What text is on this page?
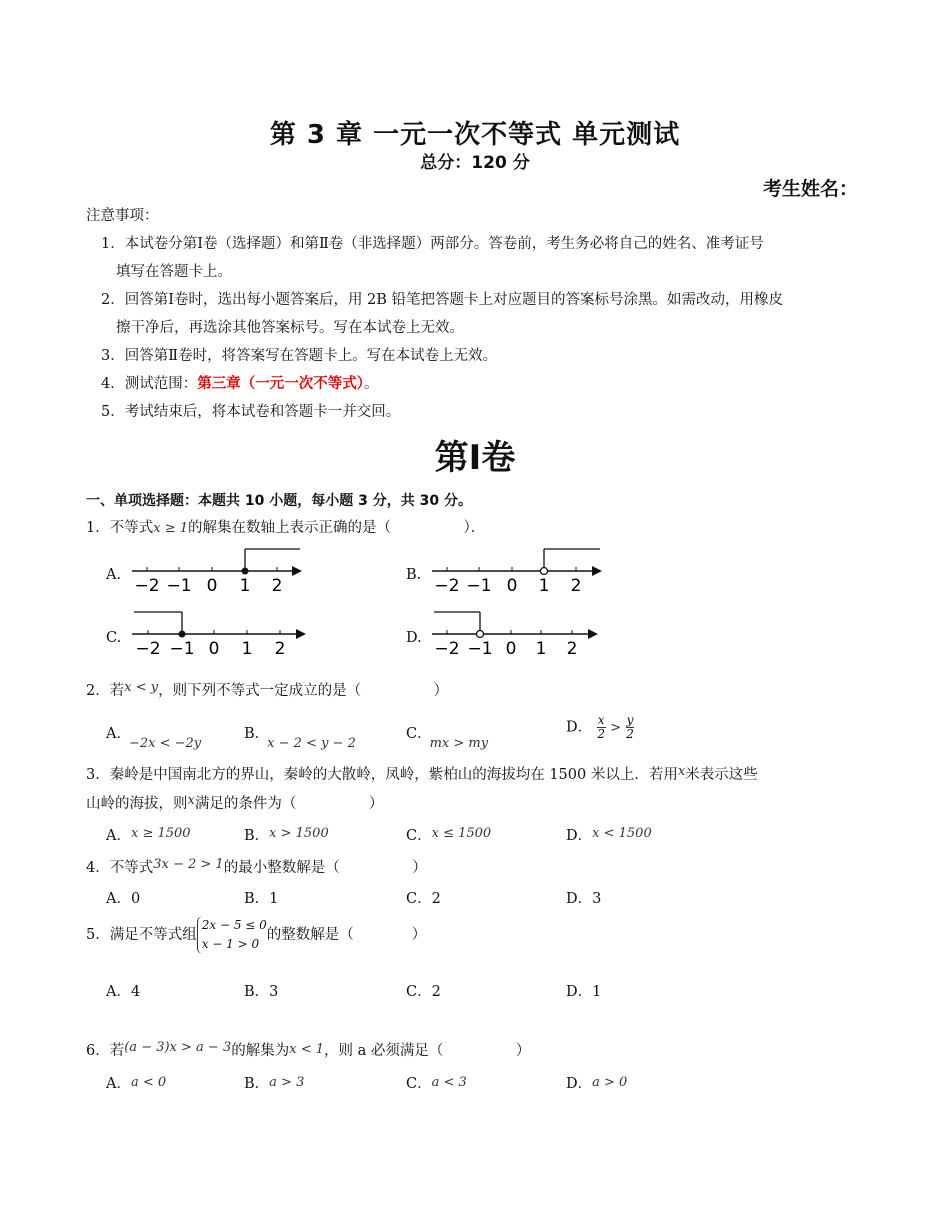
第 3 章 一元一次不等式 单元测试
总分：120 分
考生姓名：
注意事项：
1．本试卷分第Ⅰ卷（选择题）和第Ⅱ卷（非选择题）两部分。答卷前，考生务必将自己的姓名、准考证号
填写在答题卡上。
2．回答第Ⅰ卷时，选出每小题答案后，用 2B 铅笔把答题卡上对应题目的答案标号涂黑。如需改动，用橡皮
擦干净后，再选涂其他答案标号。写在本试卷上无效。
3．回答第Ⅱ卷时，将答案写在答题卡上。写在本试卷上无效。
4．测试范围：第三章（一元一次不等式）。
5．考试结束后，将本试卷和答题卡一并交回。
第Ⅰ卷
一、单项选择题：本题共 10 小题，每小题 3 分，共 30 分。
1．不等式x ≥ 1的解集在数轴上表示正确的是（　　　　　）．
A.
−2 −1 0 1 2
B.
−2 −1 0 1 2
C.
−2 −1 0 1 2
D.
−2 −1 0 1 2
2．若x < y，则下列不等式一定成立的是（　　　　　）
A．−2x < −2y
B．x − 2 < y − 2
C．mx > my
D． $\frac{x}{2} > \frac{y}{2}$
3．秦岭是中国南北方的界山，秦岭的大散岭，凤岭，紫柏山的海拔均在 1500 米以上．若用x米表示这些
山岭的海拔，则x满足的条件为（　　　　　）
A．x ≥ 1500	B．x > 1500	C．x ≤ 1500	D．x < 1500
4．不等式3x − 2 > 1的最小整数解是（　　　　　）
A．0	B．1	C．2	D．3
5．满足不等式组
2x − 5 ≤ 0
x − 1 > 0
的整数解是（　　　　）
A．4	B．3	C．2	D．1
6．若(a − 3)x > a − 3的解集为x < 1，则 a 必须满足（　　　　　）
A．a < 0	B．a > 3	C．a < 3	D．a > 0
